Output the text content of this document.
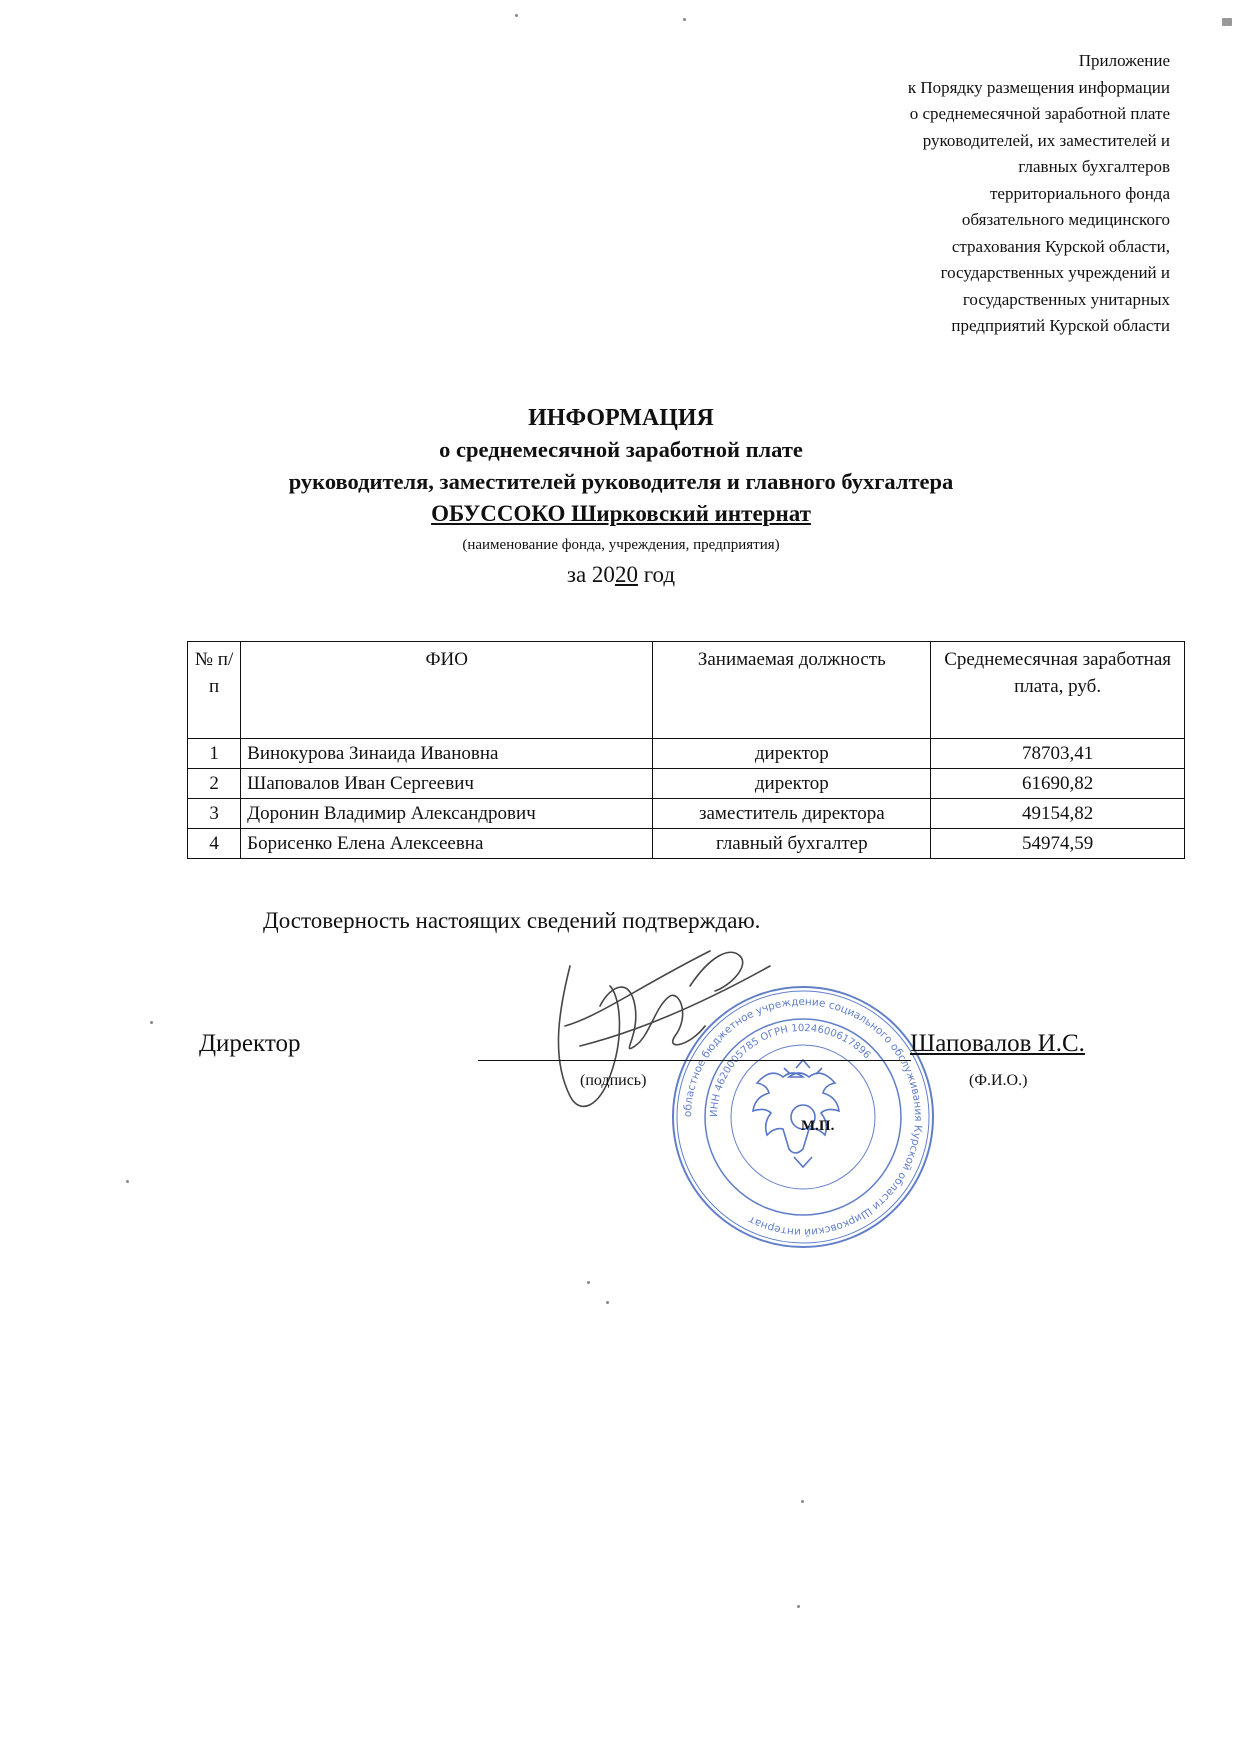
Приложение
к Порядку размещения информации
о среднемесячной заработной плате
руководителей, их заместителей и
главных бухгалтеров
территориального фонда
обязательного медицинского
страхования Курской области,
государственных учреждений и
государственных унитарных
предприятий Курской области
ИНФОРМАЦИЯ
о среднемесячной заработной плате
руководителя, заместителей руководителя и главного бухгалтера
ОБУССОКО Ширковский интернат
(наименование фонда, учреждения, предприятия)
за 2020 год
№ п/п	ФИО	Занимаемая должность	Среднемесячная заработная плата, руб.
1	Винокурова Зинаида Ивановна	директор	78703,41
2	Шаповалов Иван Сергеевич	директор	61690,82
3	Доронин Владимир Александрович	заместитель директора	49154,82
4	Борисенко Елена Алексеевна	главный бухгалтер	54974,59
Достоверность настоящих сведений подтверждаю.
областное бюджетное учреждение социального обслуживания Курской области Ширковский интернат
ИНН 4620005785 ОГРН 1024600617896
Директор	Шаповалов И.С.
(подпись)	(Ф.И.О.)
М.П.
